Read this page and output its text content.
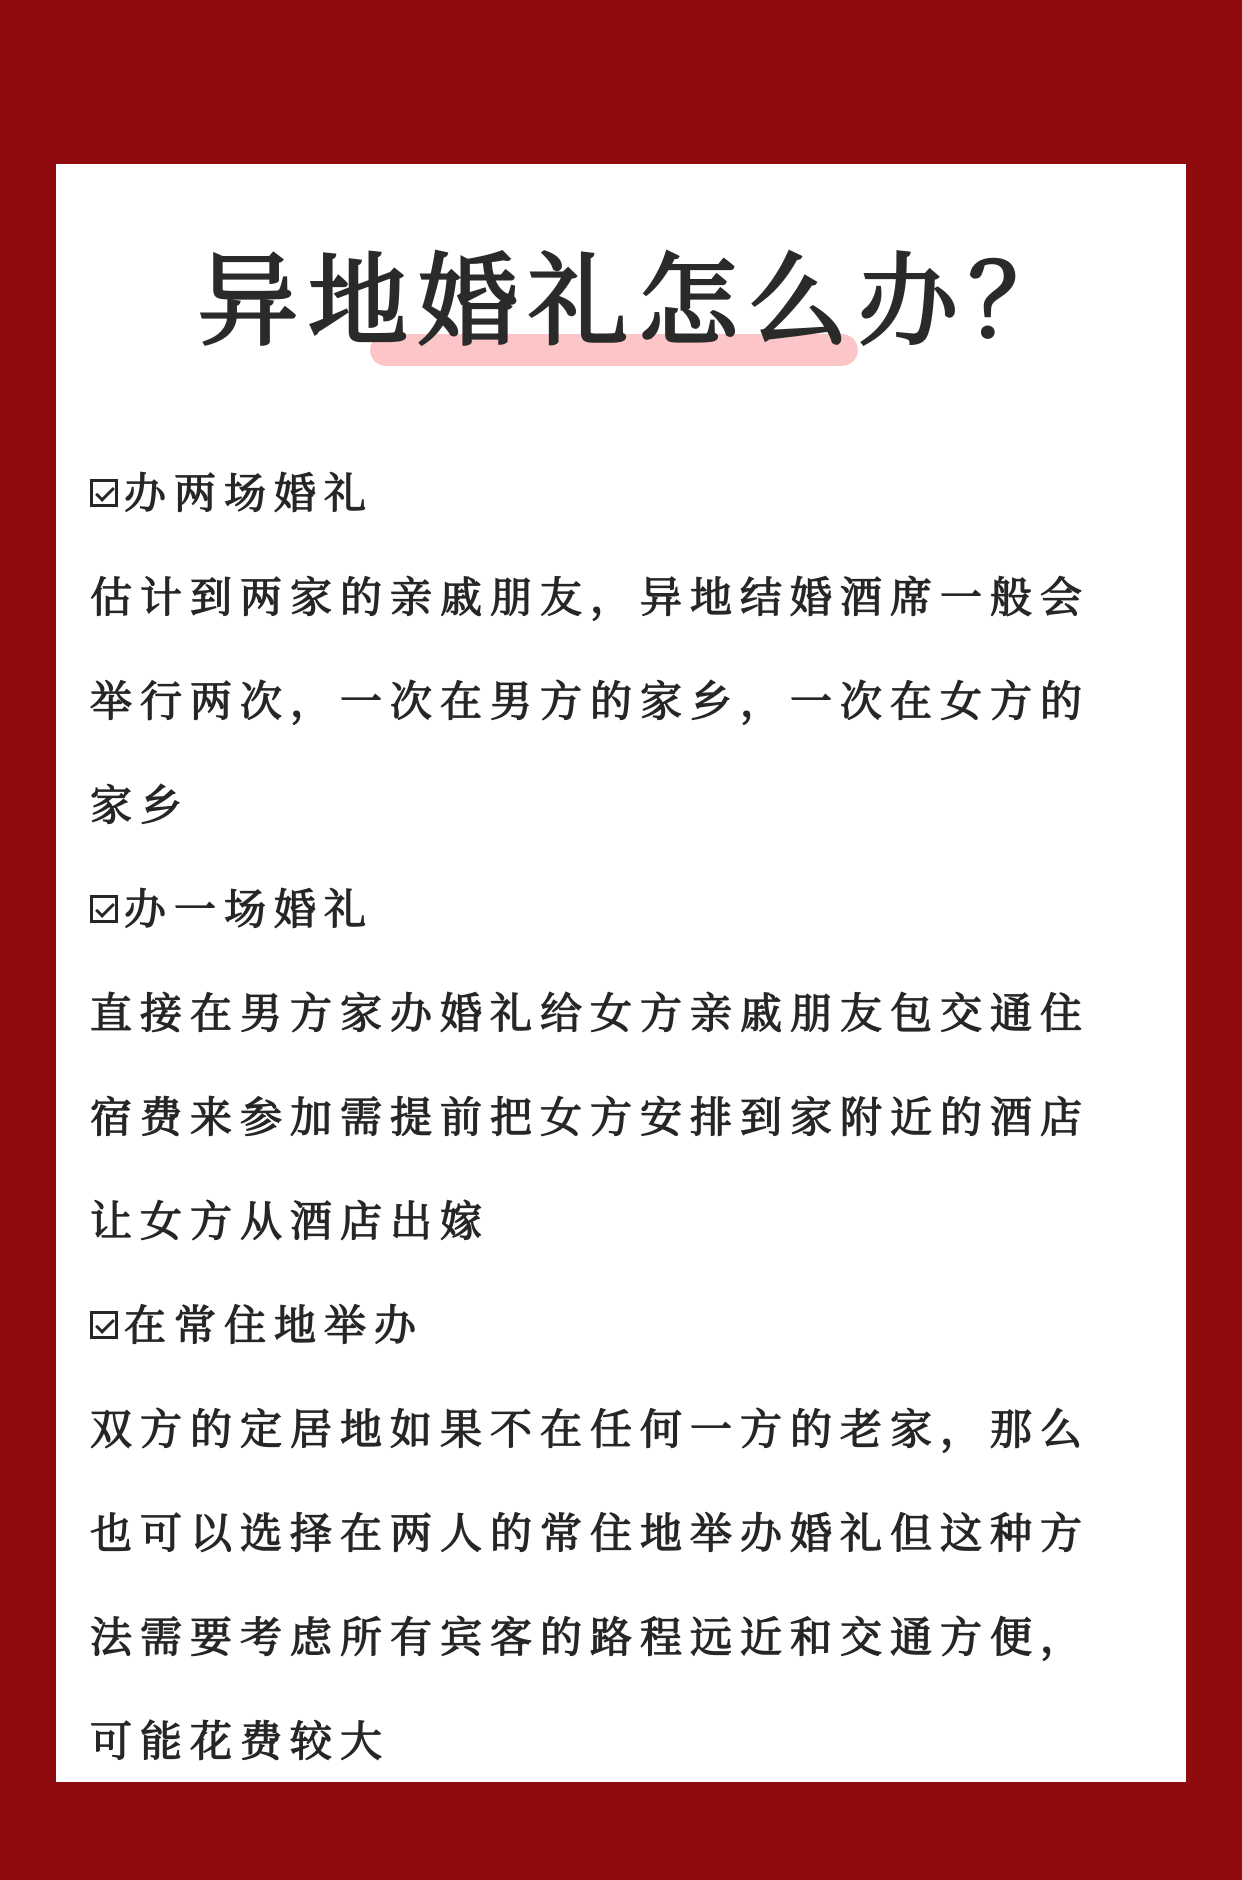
异地婚礼怎么办？
办两场婚礼
估计到两家的亲戚朋友，异地结婚酒席一般会
举行两次，一次在男方的家乡，一次在女方的
家乡
办一场婚礼
直接在男方家办婚礼给女方亲戚朋友包交通住
宿费来参加需提前把女方安排到家附近的酒店
让女方从酒店出嫁
在常住地举办
双方的定居地如果不在任何一方的老家，那么
也可以选择在两人的常住地举办婚礼但这种方
法需要考虑所有宾客的路程远近和交通方便，
可能花费较大
